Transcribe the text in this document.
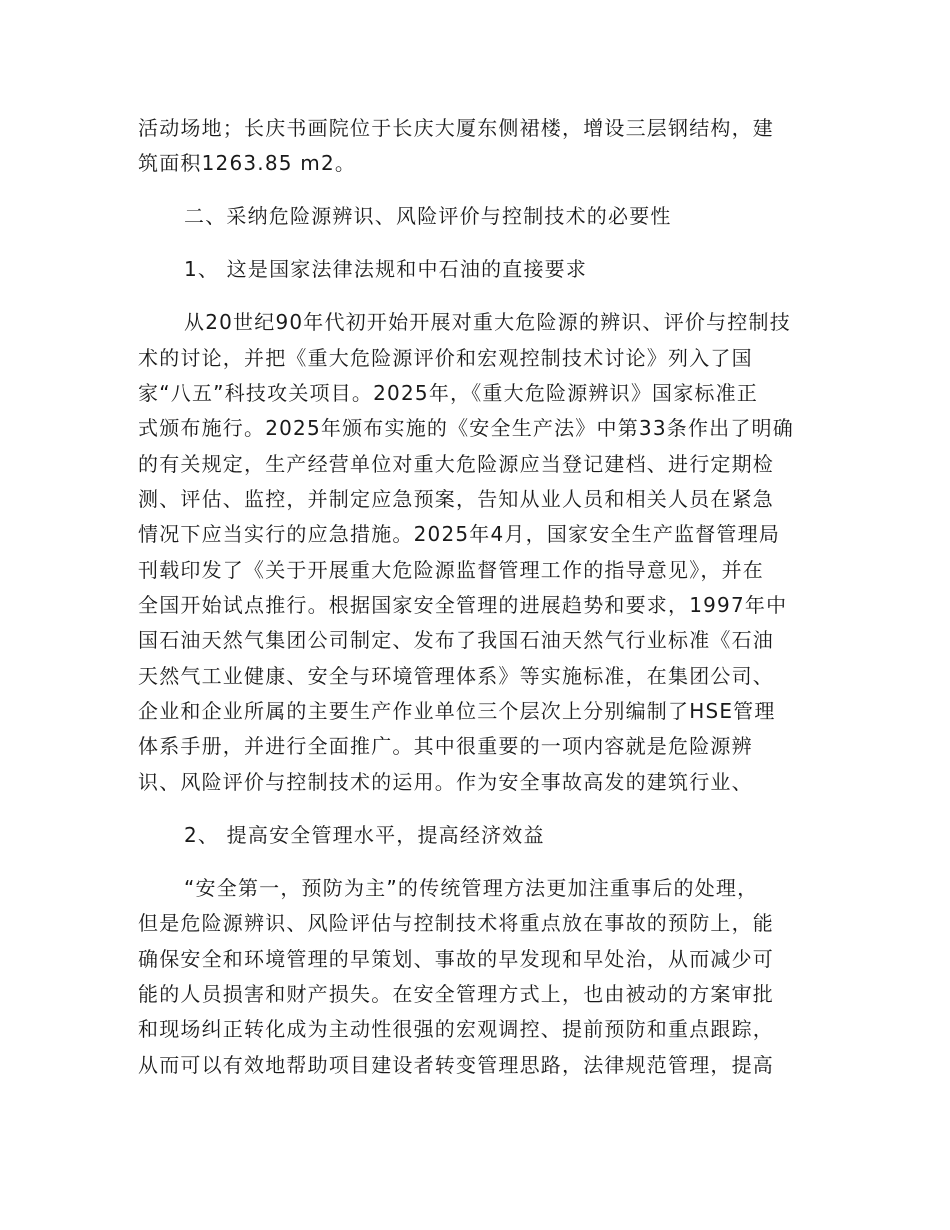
活动场地；长庆书画院位于长庆大厦东侧裙楼，增设三层钢结构，建
筑面积1263.85 m2。
二、采纳危险源辨识、风险评价与控制技术的必要性
1、 这是国家法律法规和中石油的直接要求
从20世纪90年代初开始开展对重大危险源的辨识、评价与控制技
术的讨论，并把《重大危险源评价和宏观控制技术讨论》列入了国
家“八五”科技攻关项目。2025年，《重大危险源辨识》国家标准正
式颁布施行。2025年颁布实施的《安全生产法》中第33条作出了明确
的有关规定，生产经营单位对重大危险源应当登记建档、进行定期检
测、评估、监控，并制定应急预案，告知从业人员和相关人员在紧急
情况下应当实行的应急措施。2025年4月，国家安全生产监督管理局
刊载印发了《关于开展重大危险源监督管理工作的指导意见》，并在
全国开始试点推行。根据国家安全管理的进展趋势和要求，1997年中
国石油天然气集团公司制定、发布了我国石油天然气行业标准《石油
天然气工业健康、安全与环境管理体系》等实施标准，在集团公司、
企业和企业所属的主要生产作业单位三个层次上分别编制了HSE管理
体系手册，并进行全面推广。其中很重要的一项内容就是危险源辨
识、风险评价与控制技术的运用。作为安全事故高发的建筑行业、
2、 提高安全管理水平，提高经济效益
“安全第一，预防为主”的传统管理方法更加注重事后的处理，
但是危险源辨识、风险评估与控制技术将重点放在事故的预防上，能
确保安全和环境管理的早策划、事故的早发现和早处治，从而减少可
能的人员损害和财产损失。在安全管理方式上，也由被动的方案审批
和现场纠正转化成为主动性很强的宏观调控、提前预防和重点跟踪，
从而可以有效地帮助项目建设者转变管理思路，法律规范管理，提高
